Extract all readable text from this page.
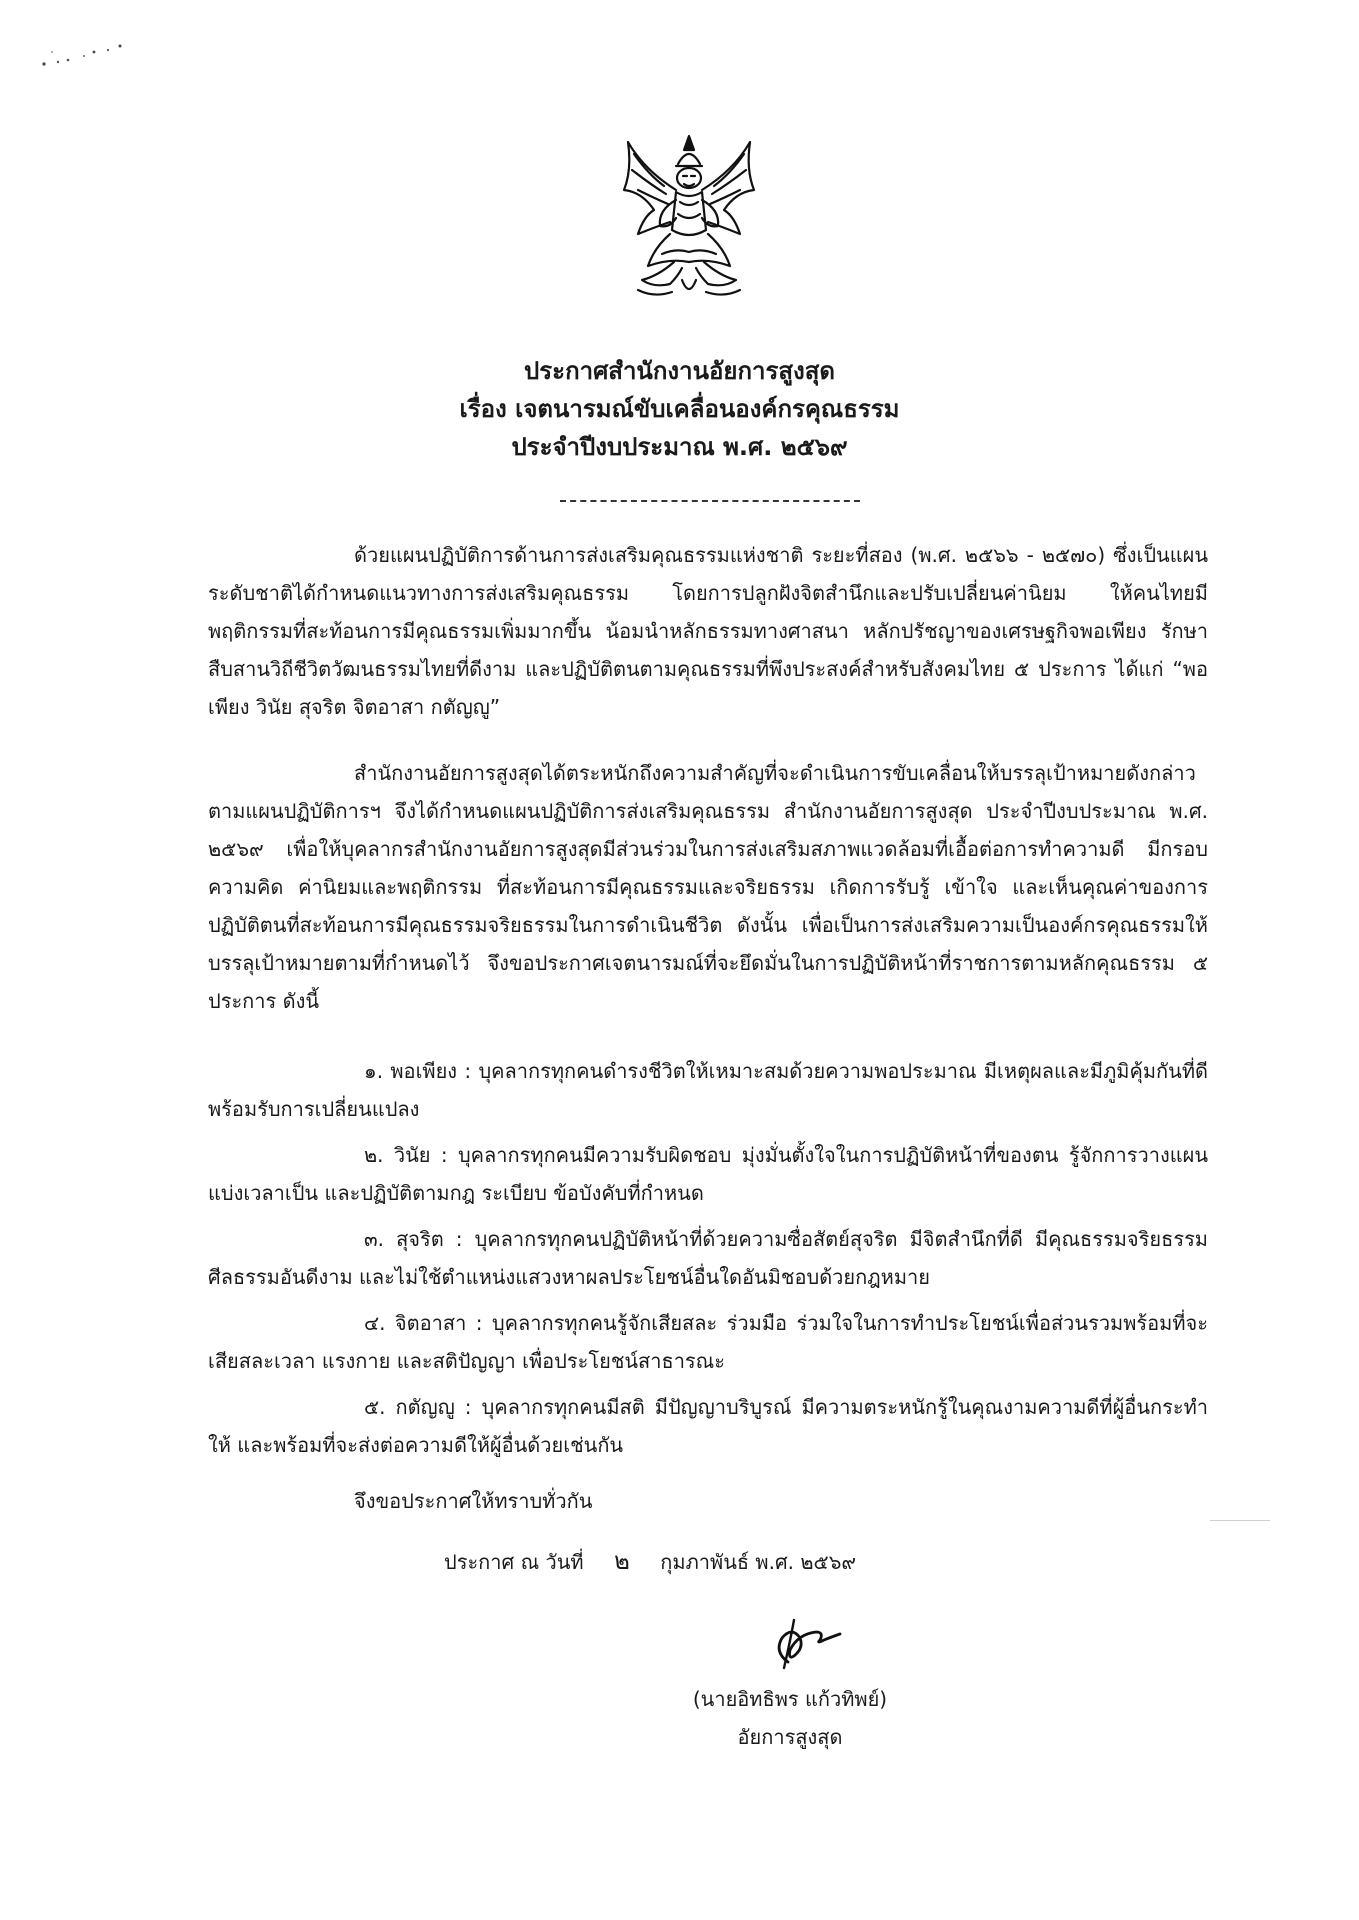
ประกาศสำนักงานอัยการสูงสุด

เรื่อง เจตนารมณ์ขับเคลื่อนองค์กรคุณธรรม

ประจำปีงบประมาณ พ.ศ. ๒๕๖๙

ด้วยแผนปฏิบัติการด้านการส่งเสริมคุณธรรมแห่งชาติ ระยะที่สอง (พ.ศ. ๒๕๖๖ - ๒๕๗๐) ซึ่งเป็นแผนระดับชาติได้กำหนดแนวทางการส่งเสริมคุณธรรม โดยการปลูกฝังจิตสำนึกและปรับเปลี่ยนค่านิยม ให้คนไทยมีพฤติกรรมที่สะท้อนการมีคุณธรรมเพิ่มมากขึ้น น้อมนำหลักธรรมทางศาสนา หลักปรัชญาของเศรษฐกิจพอเพียง รักษาสืบสานวิถีชีวิตวัฒนธรรมไทยที่ดีงาม และปฏิบัติตนตามคุณธรรมที่พึงประสงค์สำหรับสังคมไทย ๕ ประการ ได้แก่ “พอเพียง วินัย สุจริต จิตอาสา กตัญญู”

สำนักงานอัยการสูงสุดได้ตระหนักถึงความสำคัญที่จะดำเนินการขับเคลื่อนให้บรรลุเป้าหมายดังกล่าวตามแผนปฏิบัติการฯ จึงได้กำหนดแผนปฏิบัติการส่งเสริมคุณธรรม สำนักงานอัยการสูงสุด ประจำปีงบประมาณ พ.ศ. ๒๕๖๙ เพื่อให้บุคลากรสำนักงานอัยการสูงสุดมีส่วนร่วมในการส่งเสริมสภาพแวดล้อมที่เอื้อต่อการทำความดี มีกรอบความคิด ค่านิยมและพฤติกรรม ที่สะท้อนการมีคุณธรรมและจริยธรรม เกิดการรับรู้ เข้าใจ และเห็นคุณค่าของการปฏิบัติตนที่สะท้อนการมีคุณธรรมจริยธรรมในการดำเนินชีวิต ดังนั้น เพื่อเป็นการส่งเสริมความเป็นองค์กรคุณธรรมให้บรรลุเป้าหมายตามที่กำหนดไว้ จึงขอประกาศเจตนารมณ์ที่จะยึดมั่นในการปฏิบัติหน้าที่ราชการตามหลักคุณธรรม ๕ ประการ ดังนี้

๑. พอเพียง : บุคลากรทุกคนดำรงชีวิตให้เหมาะสมด้วยความพอประมาณ มีเหตุผลและมีภูมิคุ้มกันที่ดีพร้อมรับการเปลี่ยนแปลง

๒. วินัย : บุคลากรทุกคนมีความรับผิดชอบ มุ่งมั่นตั้งใจในการปฏิบัติหน้าที่ของตน รู้จักการวางแผนแบ่งเวลาเป็น และปฏิบัติตามกฎ ระเบียบ ข้อบังคับที่กำหนด

๓. สุจริต : บุคลากรทุกคนปฏิบัติหน้าที่ด้วยความซื่อสัตย์สุจริต มีจิตสำนึกที่ดี มีคุณธรรมจริยธรรม ศีลธรรมอันดีงาม และไม่ใช้ตำแหน่งแสวงหาผลประโยชน์อื่นใดอันมิชอบด้วยกฎหมาย

๔. จิตอาสา : บุคลากรทุกคนรู้จักเสียสละ ร่วมมือ ร่วมใจในการทำประโยชน์เพื่อส่วนรวมพร้อมที่จะเสียสละเวลา แรงกาย และสติปัญญา เพื่อประโยชน์สาธารณะ

๕. กตัญญู : บุคลากรทุกคนมีสติ มีปัญญาบริบูรณ์ มีความตระหนักรู้ในคุณงามความดีที่ผู้อื่นกระทำให้ และพร้อมที่จะส่งต่อความดีให้ผู้อื่นด้วยเช่นกัน

จึงขอประกาศให้ทราบทั่วกัน
ประกาศ ณ วันที่ ๒ กุมภาพันธ์ พ.ศ. ๒๕๖๙
(นายอิทธิพร แก้วทิพย์)
อัยการสูงสุด
